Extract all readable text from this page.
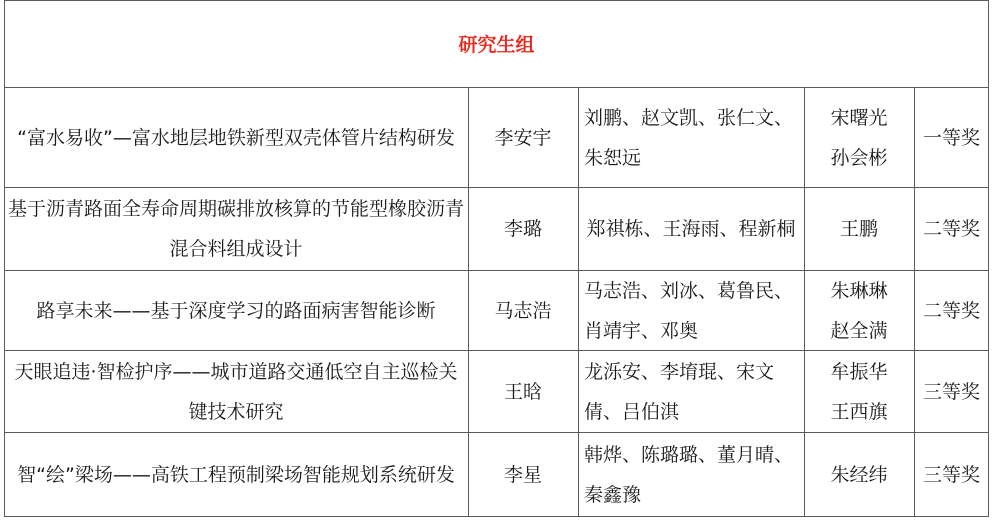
研究生组
“富水易收”—富水地层地铁新型双壳体管片结构研发 李安宇
刘鹏、赵文凯、张仁文、朱恕远
宋曙光
孙会彬
一等奖
基于沥青路面全寿命周期碳排放核算的节能型橡胶沥青混合料组成设计
李璐 郑祺栋、王海雨、程新桐 王鹏 二等奖
路享未来——基于深度学习的路面病害智能诊断	马志浩
马志浩、刘冰、葛鲁民、肖靖宇、邓奥
朱琳琳
赵全满
二等奖
天眼追违·智检护序——城市道路交通低空自主巡检关键技术研究
王晗
龙泺安、李堉琨、宋文倩、吕伯淇
牟振华
王西旗
三等奖
智“绘”梁场——高铁工程预制梁场智能规划系统研发	李星
韩烨、陈璐璐、董月晴、秦鑫豫
朱经纬 三等奖
